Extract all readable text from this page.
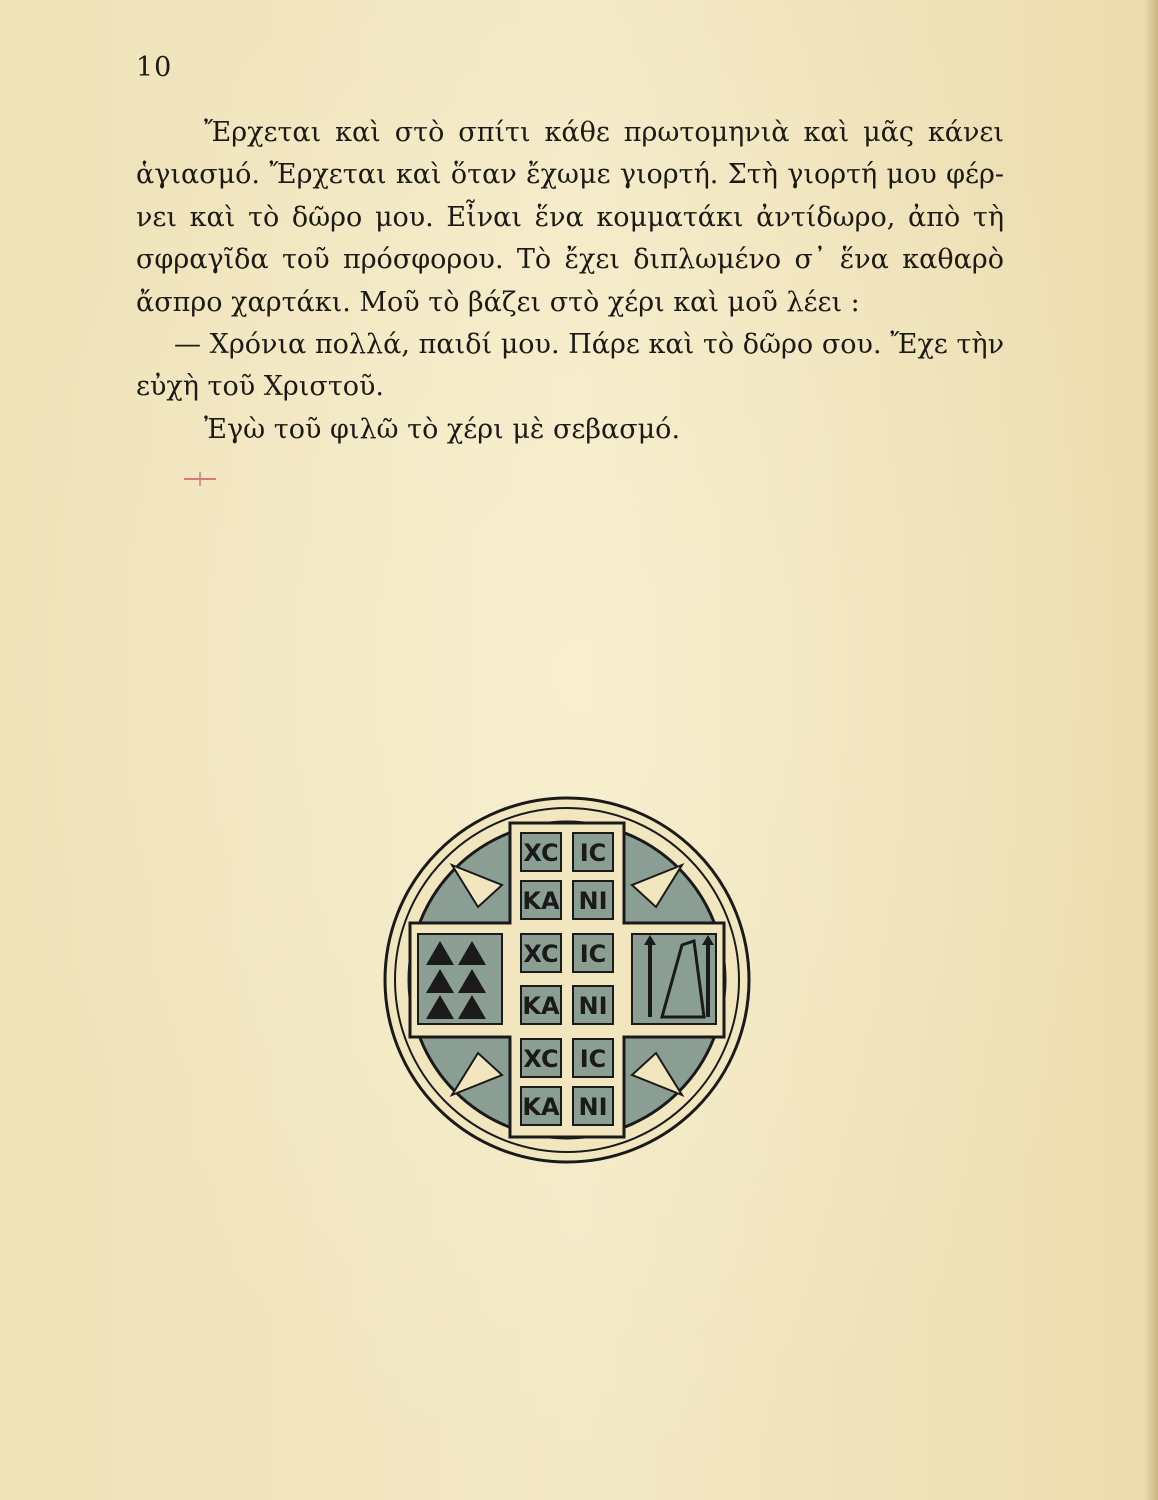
10
Ἔρχεται καὶ στὸ σπίτι κάθε πρωτομηνιὰ καὶ μᾶς κάνει
ἁγιασμό. Ἔρχεται καὶ ὅταν ἔχωμε γιορτή. Στὴ γιορτή μου φέρ-
νει καὶ τὸ δῶρο μου. Εἶναι ἕνα κομματάκι ἀντίδωρο, ἀπὸ τὴ
σφραγῖδα τοῦ πρόσφορου. Τὸ ἔχει διπλωμένο σ᾽ ἕνα καθαρὸ
ἄσπρο χαρτάκι. Μοῦ τὸ βάζει στὸ χέρι καὶ μοῦ λέει :
— Χρόνια πολλά, παιδί μου. Πάρε καὶ τὸ δῶρο σου. Ἔχε τὴν
εὐχὴ τοῦ Χριστοῦ.
Ἐγὼ τοῦ φιλῶ τὸ χέρι μὲ σεβασμό.
XC IC
KA NI
XC IC
KA NI
XC IC
KA NI
